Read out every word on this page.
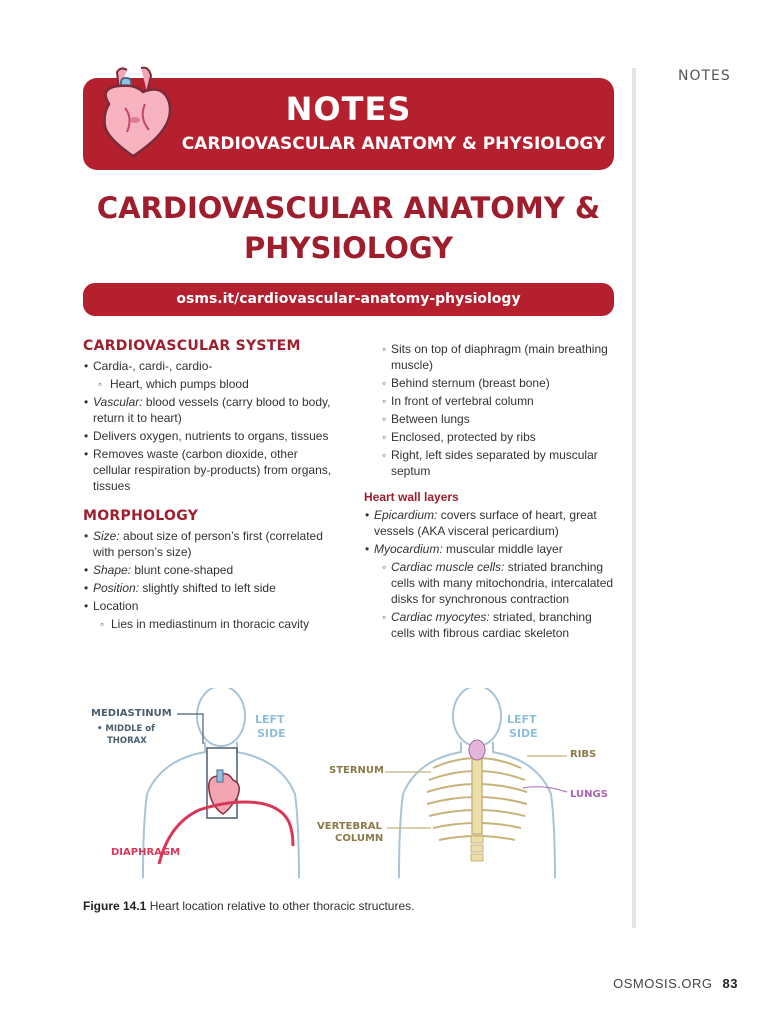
NOTES
NOTES
CARDIOVASCULAR ANATOMY & PHYSIOLOGY
CARDIOVASCULAR ANATOMY &
PHYSIOLOGY
osms.it/cardiovascular-anatomy-physiology
CARDIOVASCULAR SYSTEM
• Cardia-, cardi-, cardio-
◦ Heart, which pumps blood
• Vascular: blood vessels (carry blood to body, return it to heart)
• Delivers oxygen, nutrients to organs, tissues
• Removes waste (carbon dioxide, other cellular respiration by-products) from organs, tissues
MORPHOLOGY
• Size: about size of person’s first (correlated with person’s size)
• Shape: blunt cone-shaped
• Position: slightly shifted to left side
• Location
◦ Lies in mediastinum in thoracic cavity
◦ Sits on top of diaphragm (main breathing muscle)
◦ Behind sternum (breast bone)
◦ In front of vertebral column
◦ Between lungs
◦ Enclosed, protected by ribs
◦ Right, left sides separated by muscular septum
Heart wall layers
• Epicardium: covers surface of heart, great vessels (AKA visceral pericardium)
• Myocardium: muscular middle layer
◦ Cardiac muscle cells: striated branching cells with many mitochondria, intercalated disks for synchronous contraction
◦ Cardiac myocytes: striated, branching cells with fibrous cardiac skeleton
MEDIASTINUM
• MIDDLE of
THORAX
LEFT
SIDE
DIAPHRAGM
STERNUM
VERTEBRAL
COLUMN
LEFT
SIDE
RIBS
LUNGS
Figure 14.1 Heart location relative to other thoracic structures.
OSMOSIS.ORG 83
